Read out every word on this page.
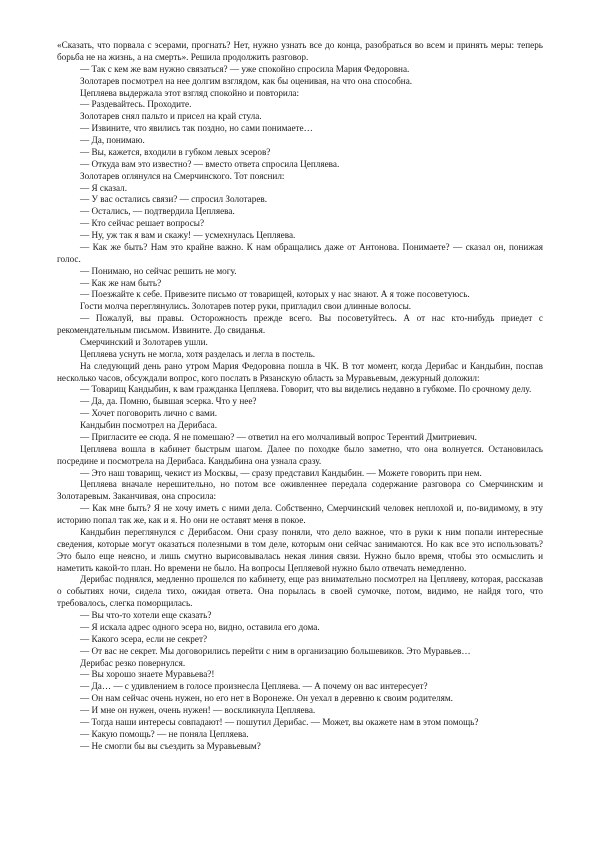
«Сказать, что порвала с эсерами, прогнать? Нет, нужно узнать все до конца, разобраться во всем и принять меры: теперь борьба не на жизнь, а на смерть». Решила продолжить разговор.

— Так с кем же вам нужно связаться? — уже спокойно спросила Мария Федоровна.

Золотарев посмотрел на нее долгим взглядом, как бы оценивая, на что она способна.

Цепляева выдержала этот взгляд спокойно и повторила:

— Раздевайтесь. Проходите.

Золотарев снял пальто и присел на край стула.

— Извините, что явились так поздно, но сами понимаете…

— Да, понимаю.

— Вы, кажется, входили в губком левых эсеров?

— Откуда вам это известно? — вместо ответа спросила Цепляева.

Золотарев оглянулся на Смерчинского. Тот пояснил:

— Я сказал.

— У вас остались связи? — спросил Золотарев.

— Остались, — подтвердила Цепляева.

— Кто сейчас решает вопросы?

— Ну, уж так я вам и скажу! — усмехнулась Цепляева.

— Как же быть? Нам это крайне важно. К нам обращались даже от Антонова. Понимаете? — сказал он, понижая голос.

— Понимаю, но сейчас решить не могу.

— Как же нам быть?

— Поезжайте к себе. Привезите письмо от товарищей, которых у нас знают. А я тоже посоветуюсь.

Гости молча переглянулись. Золотарев потер руки, пригладил свои длинные волосы.

— Пожалуй, вы правы. Осторожность прежде всего. Вы посоветуйтесь. А от нас кто-нибудь приедет с рекомендательным письмом. Извините. До свиданья.

Смерчинский и Золотарев ушли.

Цепляева уснуть не могла, хотя разделась и легла в постель.

На следующий день рано утром Мария Федоровна пошла в ЧК. В тот момент, когда Дерибас и Кандыбин, поспав несколько часов, обсуждали вопрос, кого послать в Рязанскую область за Муравьевым, дежурный доложил:

— Товарищ Кандыбин, к вам гражданка Цепляева. Говорит, что вы виделись недавно в губкоме. По срочному делу.

— Да, да. Помню, бывшая эсерка. Что у нее?

— Хочет поговорить лично с вами.

Кандыбин посмотрел на Дерибаса.

— Пригласите ее сюда. Я не помешаю? — ответил на его молчаливый вопрос Терентий Дмитриевич.

Цепляева вошла в кабинет быстрым шагом. Далее по походке было заметно, что она волнуется. Остановилась посредине и посмотрела на Дерибаса. Кандыбина она узнала сразу.

— Это наш товарищ, чекист из Москвы, — сразу представил Кандыбин. — Можете говорить при нем.

Цепляева вначале нерешительно, но потом все оживленнее передала содержание разговора со Смерчинским и Золотаревым. Заканчивая, она спросила:

— Как мне быть? Я не хочу иметь с ними дела. Собственно, Смерчинский человек неплохой и, по-видимому, в эту историю попал так же, как и я. Но они не оставят меня в покое.

Кандыбин переглянулся с Дерибасом. Они сразу поняли, что дело важное, что в руки к ним попали интересные сведения, которые могут оказаться полезными в том деле, которым они сейчас занимаются. Но как все это использовать? Это было еще неясно, и лишь смутно вырисовывалась некая линия связи. Нужно было время, чтобы это осмыслить и наметить какой-то план. Но времени не было. На вопросы Цепляевой нужно было отвечать немедленно.

Дерибас поднялся, медленно прошелся по кабинету, еще раз внимательно посмотрел на Цепляеву, которая, рассказав о событиях ночи, сидела тихо, ожидая ответа. Она порылась в своей сумочке, потом, видимо, не найдя того, что требовалось, слегка поморщилась.

— Вы что-то хотели еще сказать?

— Я искала адрес одного эсера но, видно, оставила его дома.

— Какого эсера, если не секрет?

— От вас не секрет. Мы договорились перейти с ним в организацию большевиков. Это Муравьев…

Дерибас резко повернулся.

— Вы хорошо знаете Муравьева?!

— Да… — с удивлением в голосе произнесла Цепляева. — А почему он вас интересует?

— Он нам сейчас очень нужен, но его нет в Воронеже. Он уехал в деревню к своим родителям.

— И мне он нужен, очень нужен! — воскликнула Цепляева.

— Тогда наши интересы совпадают! — пошутил Дерибас. — Может, вы окажете нам в этом помощь?

— Какую помощь? — не поняла Цепляева.

— Не смогли бы вы съездить за Муравьевым?
